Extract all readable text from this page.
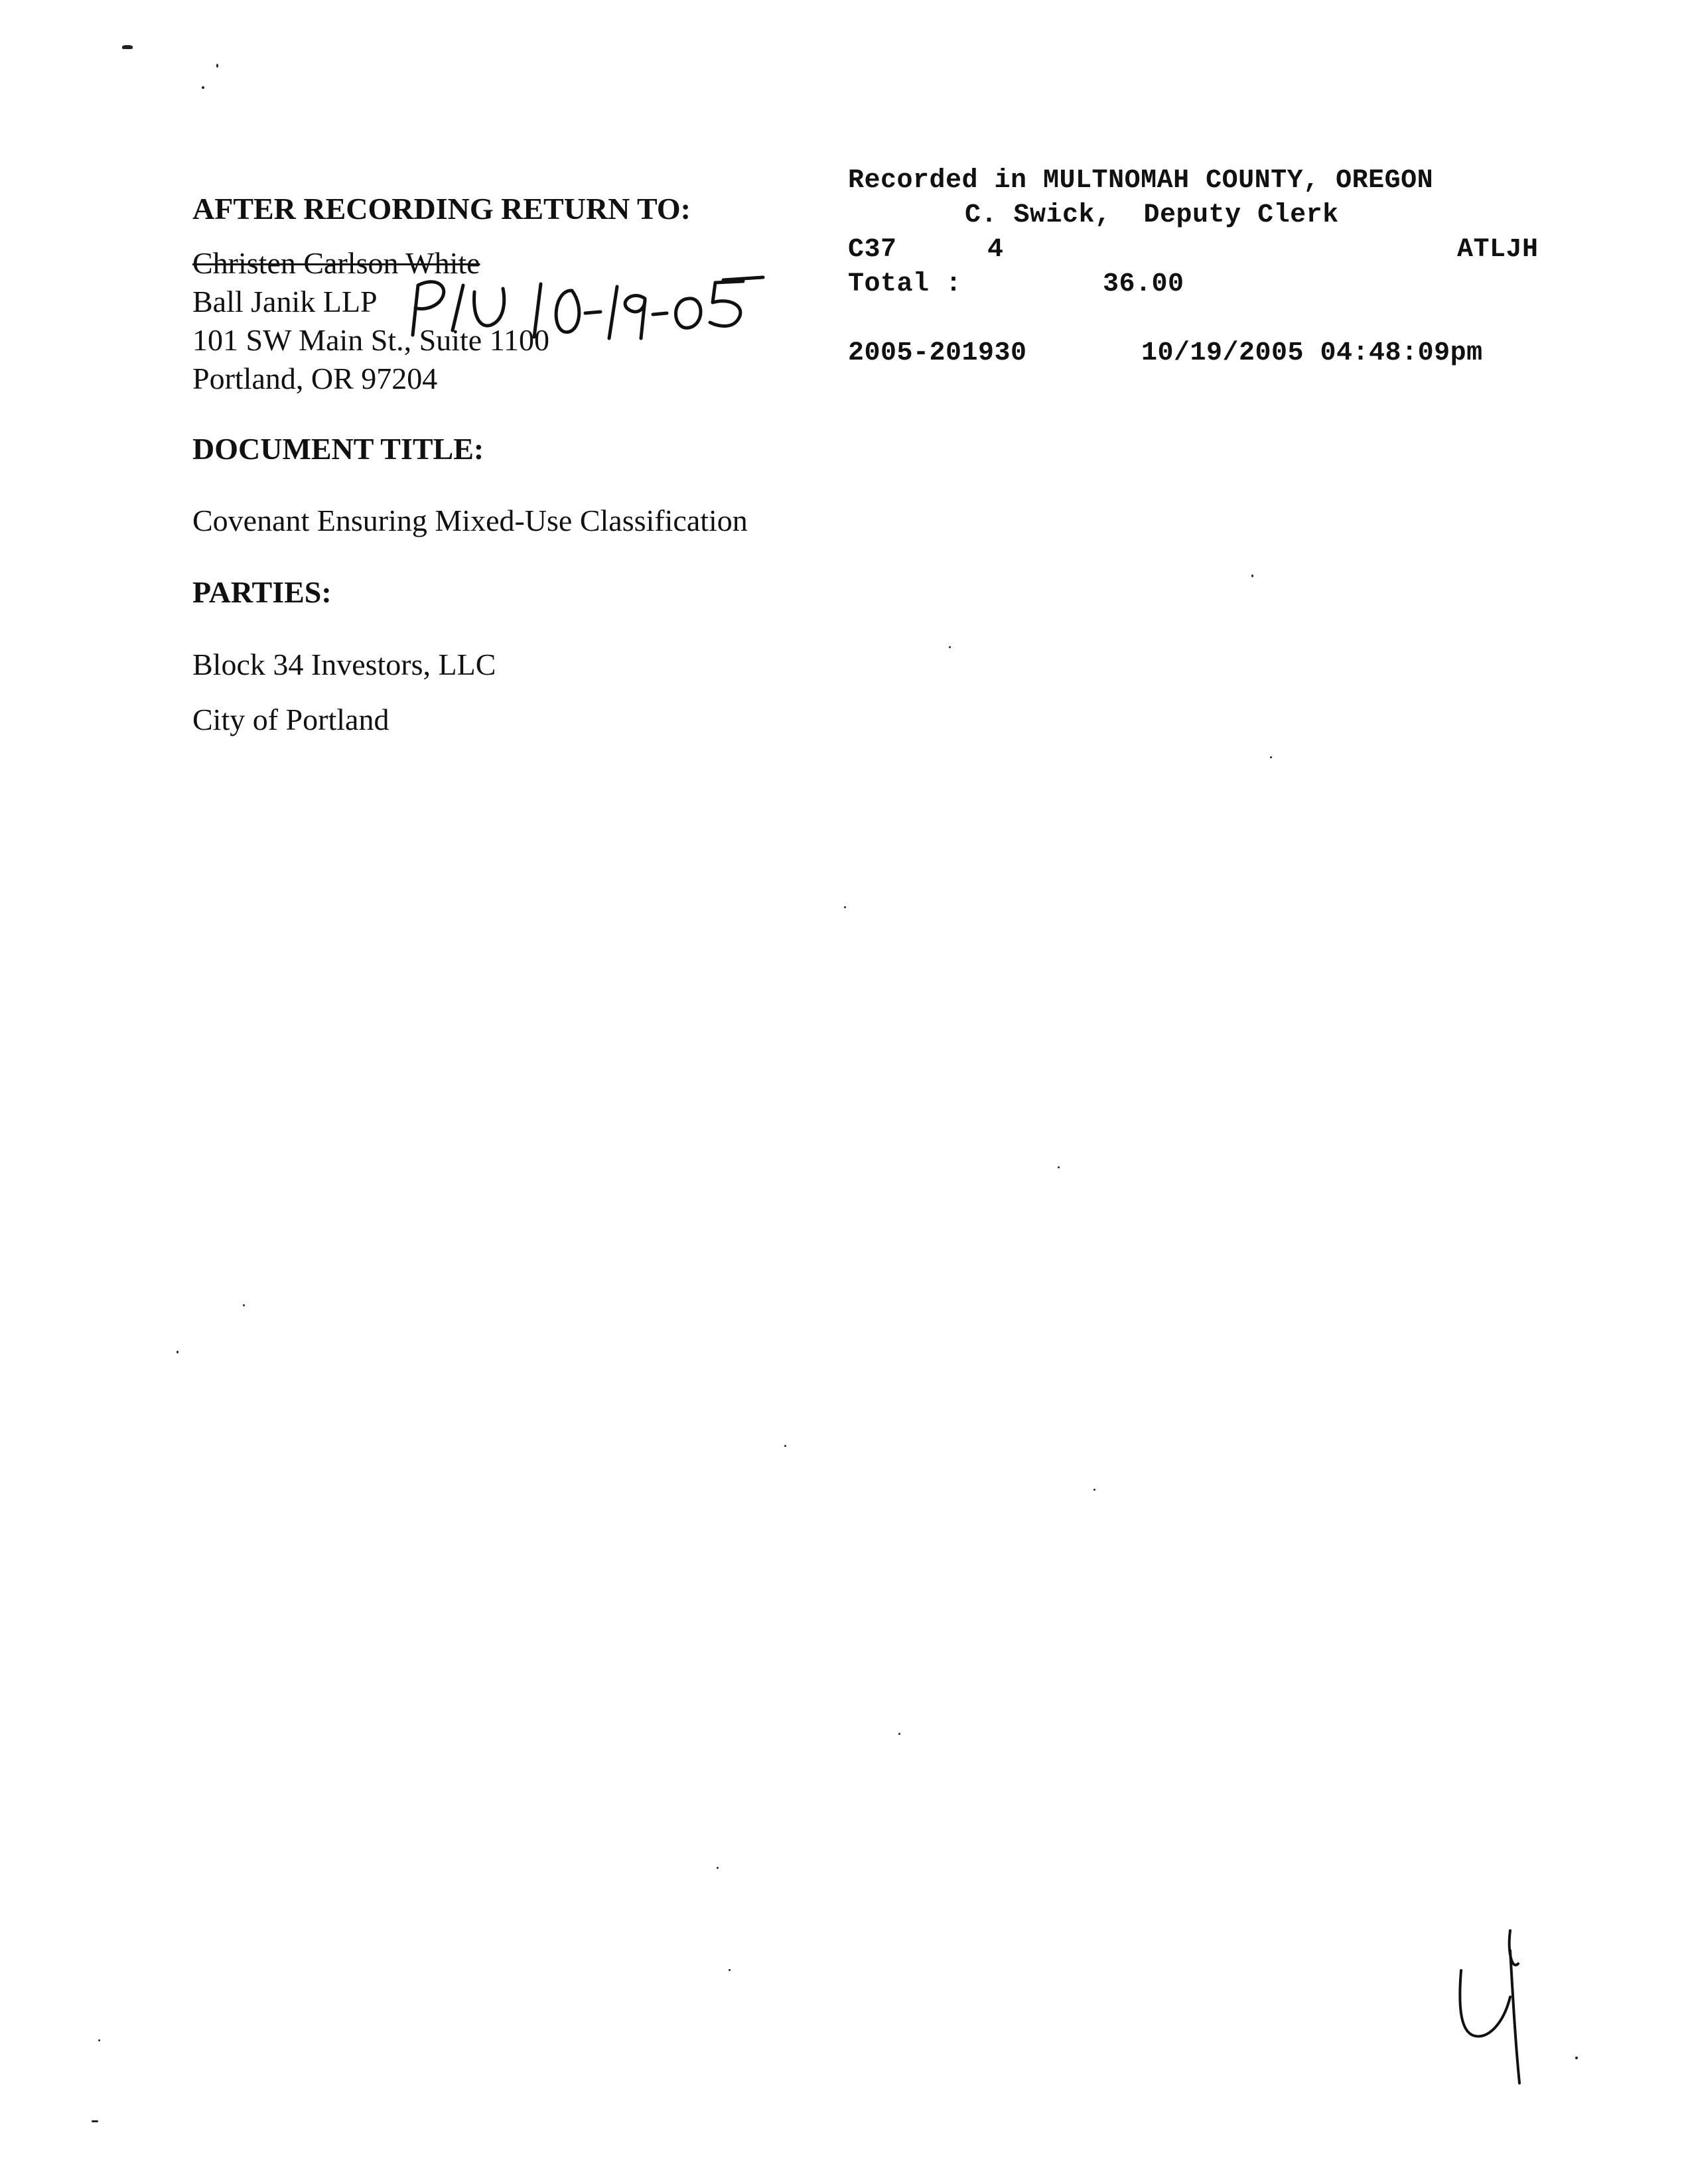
AFTER RECORDING RETURN TO:
Christen Carlson White
Ball Janik LLP
101 SW Main St., Suite 1100
Portland, OR 97204
DOCUMENT TITLE:
Covenant Ensuring Mixed-Use Classification
PARTIES:
Block 34 Investors, LLC
City of Portland
Recorded in MULTNOMAH COUNTY, OREGON
C. Swick,  Deputy Clerk
C37	4	ATLJH
Total :	36.00
2005-201930	10/19/2005 04:48:09pm
